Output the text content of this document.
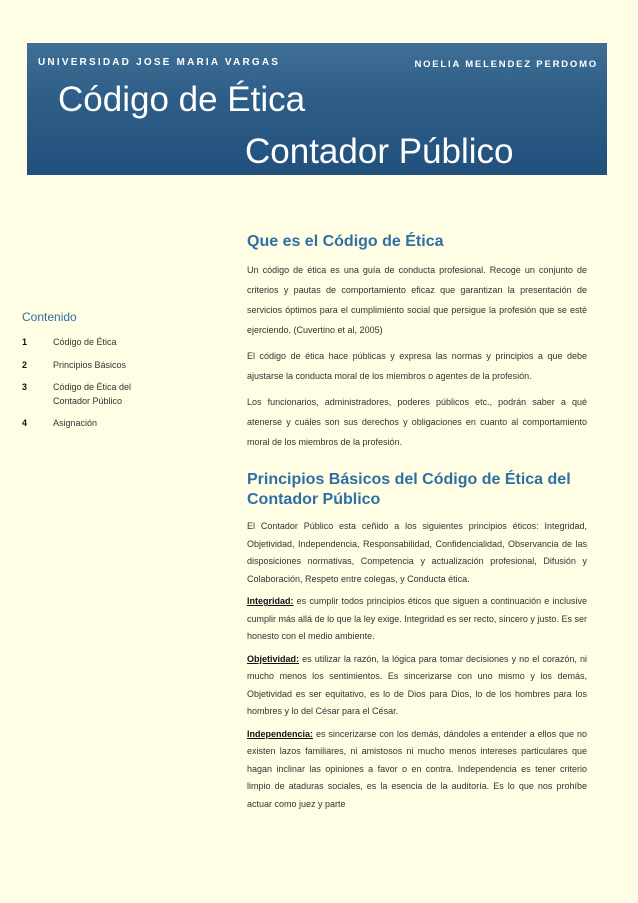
UNIVERSIDAD JOSE MARIA VARGAS	NOELIA MELENDEZ PERDOMO
Código de Ética
Contador Público
Contenido
1	Código de Ética
2	Principios Básicos
3	Código de Ética del Contador Público
4	Asignación
Que es el Código de Ética

Un código de ética es una guía de conducta profesional. Recoge un conjunto de criterios y pautas de comportamiento eficaz que garantizan la presentación de servicios óptimos para el cumplimiento social que persigue la profesión que se esté ejerciendo. (Cuvertino et al, 2005)

El código de ética hace públicas y expresa las normas y principios a que debe ajustarse la conducta moral de los miembros o agentes de la profesión.

Los funcionarios, administradores, poderes públicos etc., podrán saber a qué atenerse y cuáles son sus derechos y obligaciones en cuanto al comportamiento moral de los miembros de la profesión.

Principios Básicos del Código de Ética del Contador Público

El Contador Público esta ceñido a los siguientes principios éticos: Integridad, Objetividad, Independencia, Responsabilidad, Confidencialidad, Observancia de las disposiciones normativas, Competencia y actualización profesional, Difusión y Colaboración, Respeto entre colegas, y Conducta ética.

Integridad: es cumplir todos principios éticos que siguen a continuación e inclusive cumplir más allá de lo que la ley exige. Integridad es ser recto, sincero y justo. Es ser honesto con el medio ambiente.

Objetividad: es utilizar la razón, la lógica para tomar decisiones y no el corazón, ni mucho menos los sentimientos. Es sincerizarse con uno mismo y los demás, Objetividad es ser equitativo, es lo de Dios para Dios, lo de los hombres para los hombres y lo del César para el César.

Independencia: es sincerizarse con los demás, dándoles a entender a ellos que no existen lazos familiares, ni amistosos ni mucho menos intereses particulares que hagan inclinar las opiniones a favor o en contra. Independencia es tener criterio limpio de ataduras sociales, es la esencia de la auditoría. Es lo que nos prohíbe actuar como juez y parte
